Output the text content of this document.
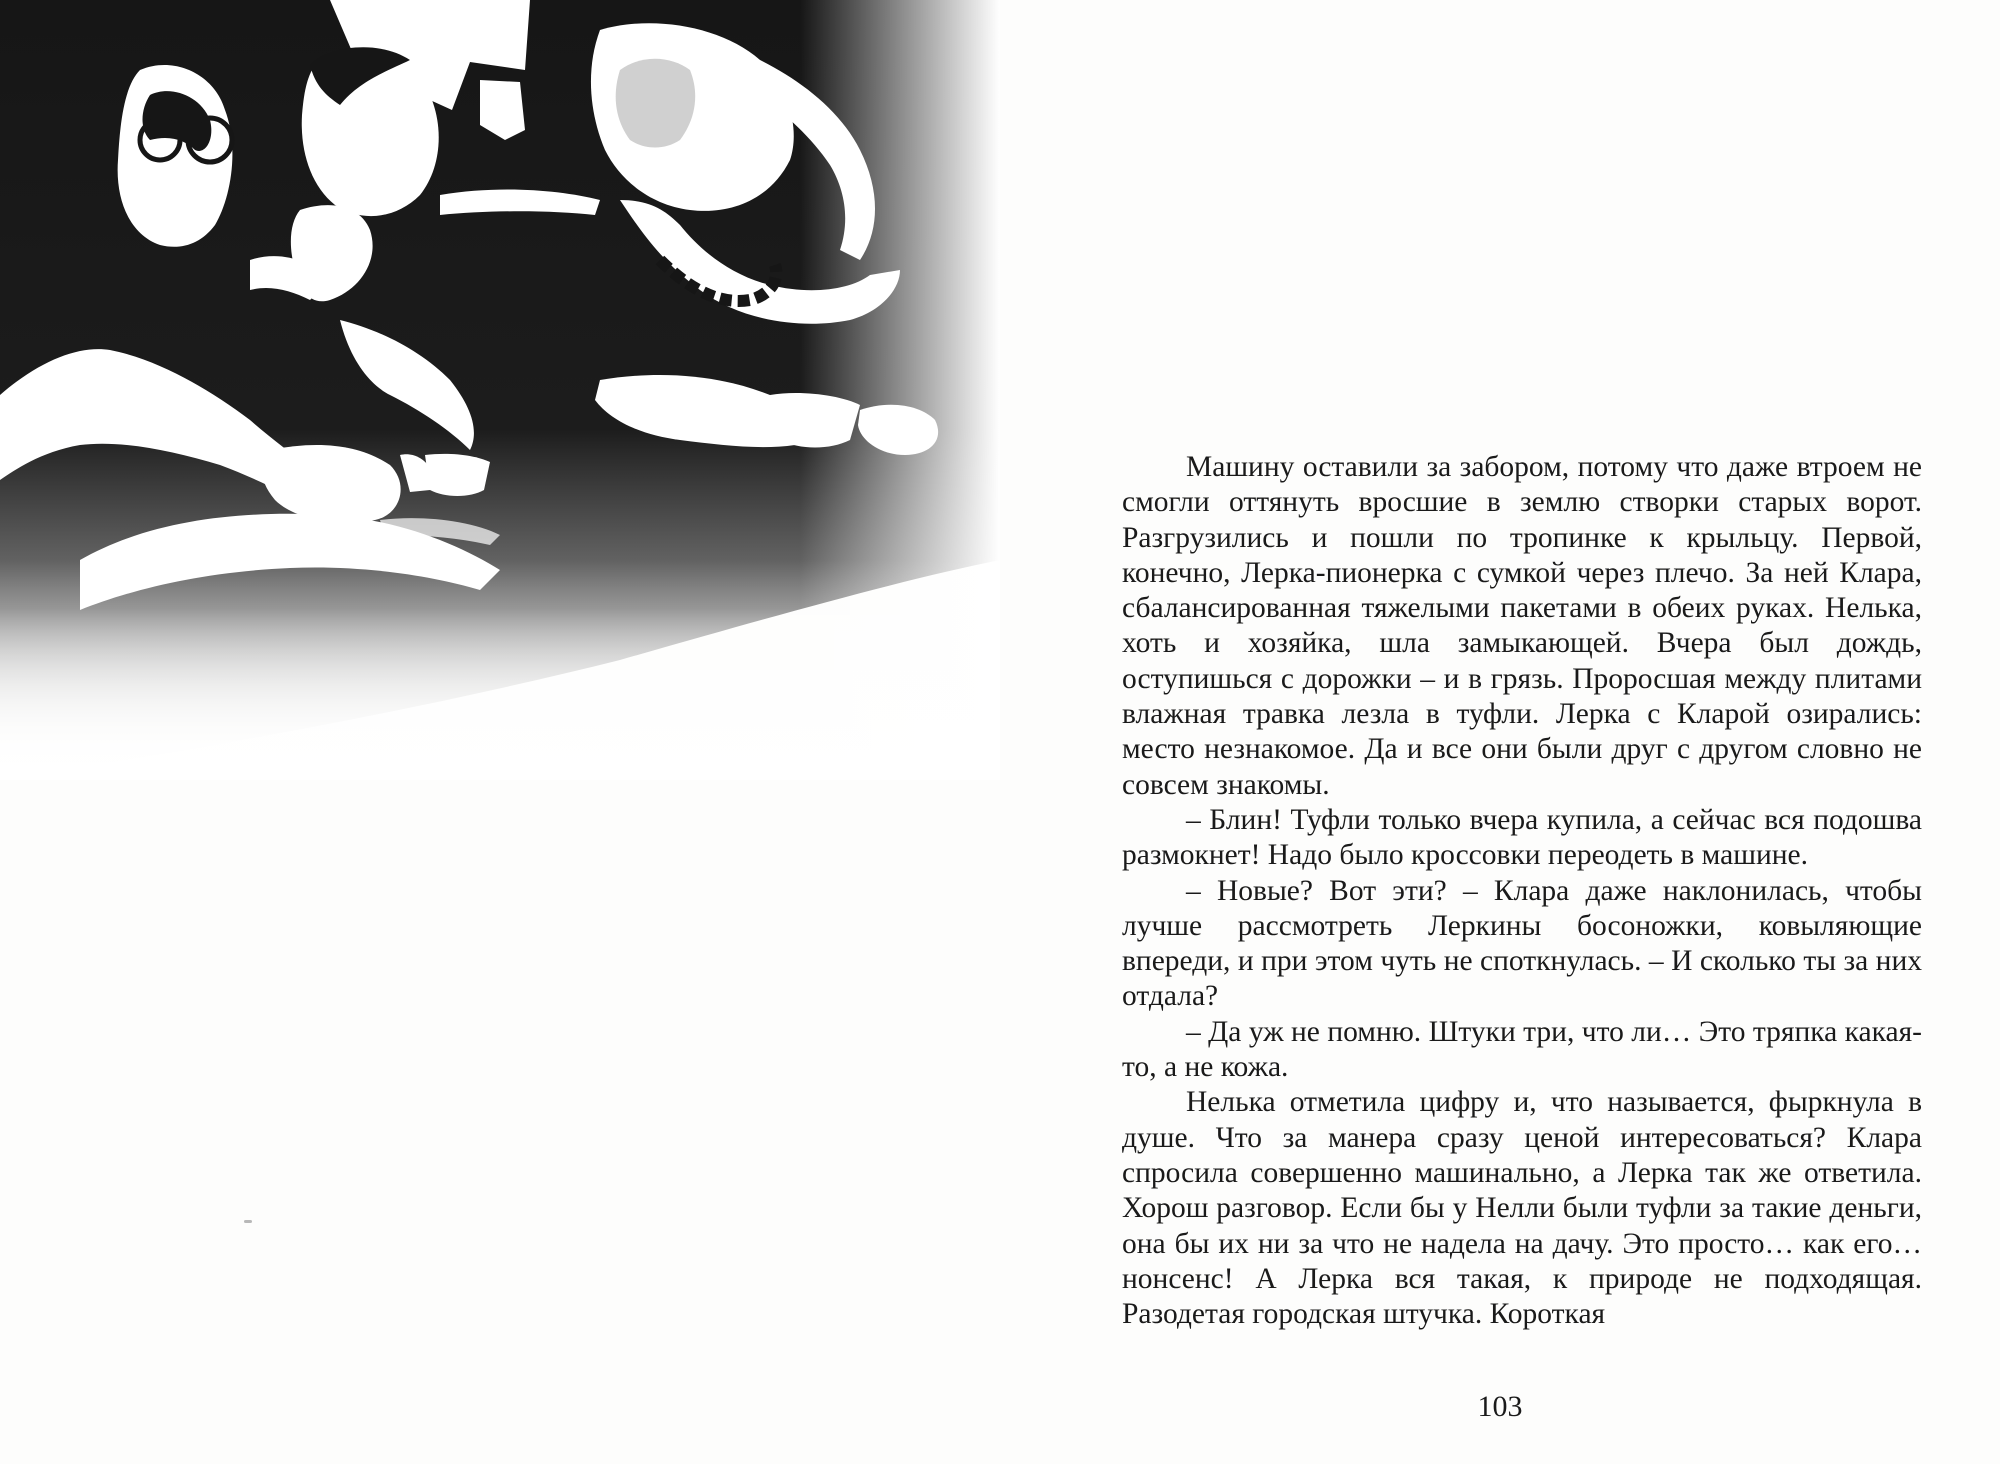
Машину оставили за забором, потому что даже втроем не смогли оттянуть вросшие в землю створки старых ворот. Разгрузились и пошли по тропинке к крыльцу. Первой, конечно, Лерка-пионерка с сумкой через плечо. За ней Клара, сбалансированная тяжелыми пакетами в обеих руках. Нелька, хоть и хозяйка, шла замыкающей. Вчера был дождь, оступишься с дорожки – и в грязь. Проросшая между плитами влажная травка лезла в туфли. Лерка с Кларой озирались: место незнакомое. Да и все они были друг с другом словно не совсем знакомы.

– Блин! Туфли только вчера купила, а сейчас вся подошва размокнет! Надо было кроссовки переодеть в машине.

– Новые? Вот эти? – Клара даже наклонилась, чтобы лучше рассмотреть Леркины босоножки, ковыляющие впереди, и при этом чуть не споткнулась. – И сколько ты за них отдала?

– Да уж не помню. Штуки три, что ли… Это тряпка какая-то, а не кожа.

Нелька отметила цифру и, что называется, фыркнула в душе. Что за манера сразу ценой интересоваться? Клара спросила совершенно машинально, а Лерка так же ответила. Хорош разговор. Если бы у Нелли были туфли за такие деньги, она бы их ни за что не надела на дачу. Это просто… как его… нонсенс! А Лерка вся такая, к природе не подходящая. Разодетая городская штучка. Короткая

103
